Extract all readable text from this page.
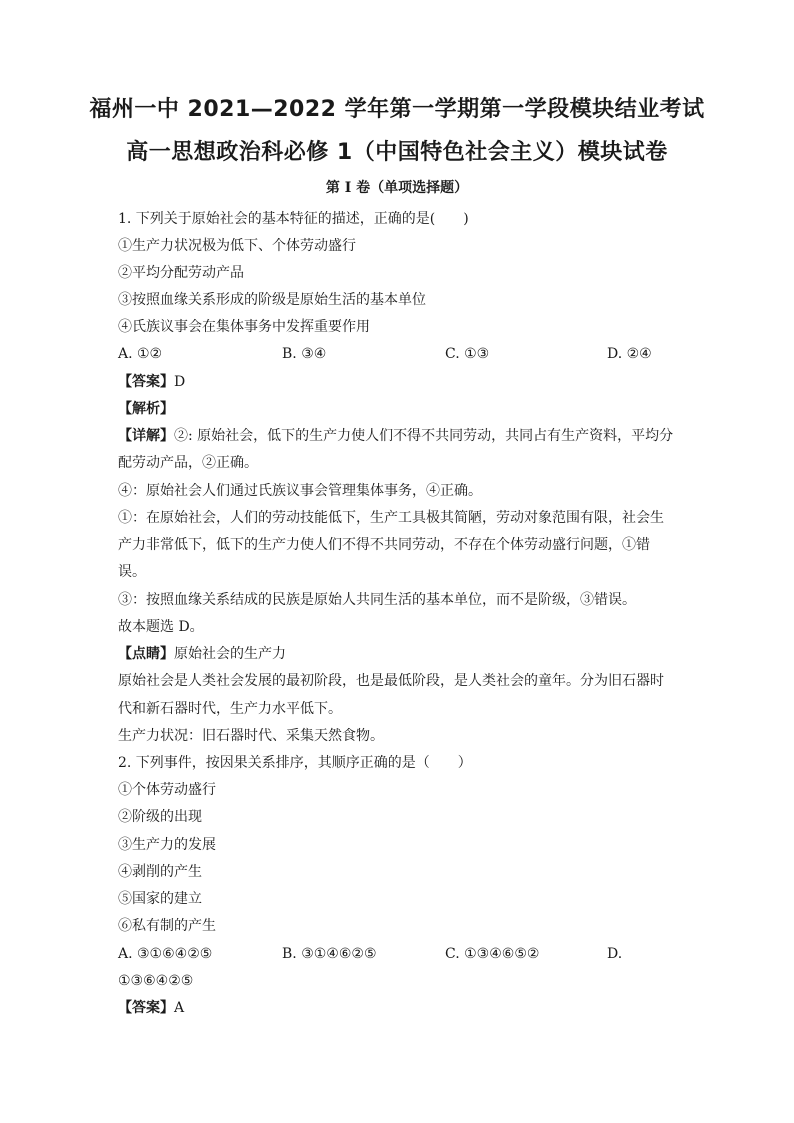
福州一中 2021—2022 学年第一学期第一学段模块结业考试
高一思想政治科必修 1（中国特色社会主义）模块试卷
第 I 卷（单项选择题）
1. 下列关于原始社会的基本特征的描述，正确的是(　　)
①生产力状况极为低下、个体劳动盛行
②平均分配劳动产品
③按照血缘关系形成的阶级是原始生活的基本单位
④氏族议事会在集体事务中发挥重要作用
A. ①②	B. ③④	C. ①③	D. ②④
【答案】D
【解析】
【详解】②: 原始社会，低下的生产力使人们不得不共同劳动，共同占有生产资料，平均分
配劳动产品，②正确。
④：原始社会人们通过氏族议事会管理集体事务，④正确。
①：在原始社会，人们的劳动技能低下，生产工具极其简陋，劳动对象范围有限，社会生
产力非常低下，低下的生产力使人们不得不共同劳动，不存在个体劳动盛行问题，①错
误。
③：按照血缘关系结成的民族是原始人共同生活的基本单位，而不是阶级，③错误。
故本题选 D。
【点睛】原始社会的生产力
原始社会是人类社会发展的最初阶段，也是最低阶段，是人类社会的童年。分为旧石器时
代和新石器时代，生产力水平低下。
生产力状况：旧石器时代、采集天然食物。
2. 下列事件，按因果关系排序，其顺序正确的是（　　）
①个体劳动盛行
②阶级的出现
③生产力的发展
④剥削的产生
⑤国家的建立
⑥私有制的产生
A. ③①⑥④②⑤	B. ③①④⑥②⑤	C. ①③④⑥⑤②	D.
①③⑥④②⑤
【答案】A
